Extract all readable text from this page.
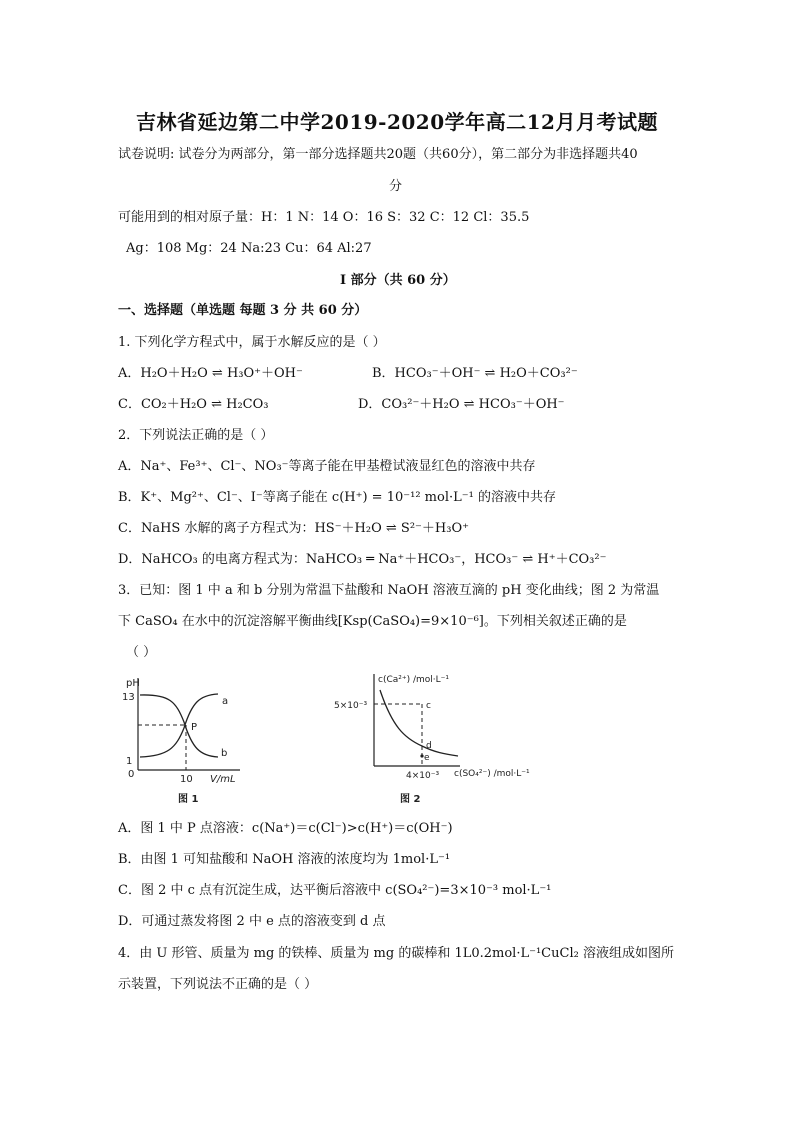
吉林省延边第二中学2019-2020学年高二12月月考试题
试卷说明: 试卷分为两部分，第一部分选择题共20题（共60分），第二部分为非选择题共40
分
可能用到的相对原子量：H：1 N：14 O：16 S：32 C：12 Cl：35.5
Ag：108 Mg：24 Na:23 Cu：64 Al:27
I 部分（共 60 分）
一、选择题（单选题 每题 3 分 共 60 分）
1. 下列化学方程式中，属于水解反应的是（ ）
A．H₂O＋H₂O ⇌ H₃O⁺＋OH⁻	B．HCO₃⁻＋OH⁻ ⇌ H₂O＋CO₃²⁻
C．CO₂＋H₂O ⇌ H₂CO₃	D．CO₃²⁻＋H₂O ⇌ HCO₃⁻＋OH⁻
2．下列说法正确的是（ ）
A．Na⁺、Fe³⁺、Cl⁻、NO₃⁻等离子能在甲基橙试液显红色的溶液中共存
B．K⁺、Mg²⁺、Cl⁻、I⁻等离子能在 c(H⁺) = 10⁻¹² mol·L⁻¹ 的溶液中共存
C．NaHS 水解的离子方程式为：HS⁻＋H₂O ⇌ S²⁻＋H₃O⁺
D．NaHCO₃ 的电离方程式为：NaHCO₃ ═ Na⁺＋HCO₃⁻，HCO₃⁻ ⇌ H⁺＋CO₃²⁻
3．已知：图 1 中 a 和 b 分别为常温下盐酸和 NaOH 溶液互滴的 pH 变化曲线；图 2 为常温
下 CaSO₄ 在水中的沉淀溶解平衡曲线[Ksp(CaSO₄)=9×10⁻⁶]。下列相关叙述正确的是
（ ）
pH
13
1
0	10 V/mL
P
a
b
图 1
c(Ca²⁺) /mol·L⁻¹
5×10⁻³
4×10⁻³ c(SO₄²⁻) /mol·L⁻¹
c
d
e
图 2
A．图 1 中 P 点溶液：c(Na⁺)＝c(Cl⁻)>c(H⁺)＝c(OH⁻)
B．由图 1 可知盐酸和 NaOH 溶液的浓度均为 1mol·L⁻¹
C．图 2 中 c 点有沉淀生成，达平衡后溶液中 c(SO₄²⁻)=3×10⁻³ mol·L⁻¹
D．可通过蒸发将图 2 中 e 点的溶液变到 d 点
4．由 U 形管、质量为 mg 的铁棒、质量为 mg 的碳棒和 1L0.2mol·L⁻¹CuCl₂ 溶液组成如图所
示装置，下列说法不正确的是（ ）
